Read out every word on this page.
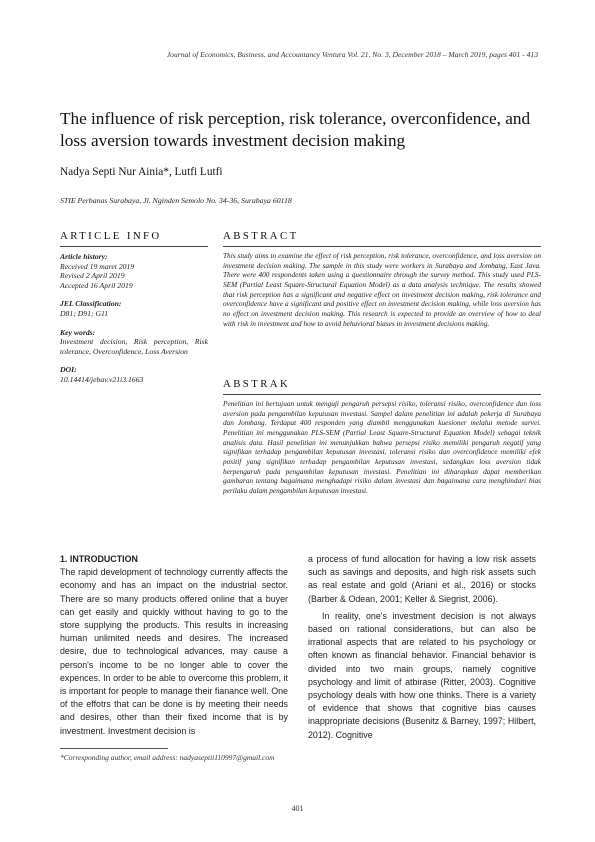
Journal of Economics, Business, and Accountancy Ventura Vol. 21, No. 3, December 2018 – March 2019, pages 401 - 413
The influence of risk perception, risk tolerance, overconfidence, and loss aversion towards investment decision making
Nadya Septi Nur Ainia*, Lutfi Lutfi
STIE Perbanas Surabaya, Jl. Nginden Semolo No. 34-36, Surabaya 60118
ARTICLE INFO
Article history:
Received 19 maret 2019
Revised 2 April 2019
Accepted 16 April 2019
JEL Classification:
D81; D91; G11
Key words:
Investment decision, Risk perception, Risk tolerance, Overconfidence, Loss Aversion
DOI:
10.14414/jebav.v21i3.1663
ABSTRACT

This study aims to examine the effect of risk perception, risk tolerance, overconfidence, and loss aversion on investment decision making. The sample in this study were workers in Surabaya and Jombang, East Java. There were 400 respondents taken using a questionnaire through the survey method. This study used PLS-SEM (Partial Least Square-Structural Equation Model) as a data analysis technique. The results showed that risk perception has a significant and negative effect on investment decision making, risk tolerance and overconfidence have a significant and positive effect on investment decision making, while loss aversion has no effect on investment decision making. This research is expected to provide an overview of how to deal with risk in investment and how to avoid behavioral biases in investment decisions making.

ABSTRAK

Penelitian ini bertujuan untuk menguji pengaruh persepsi risiko, toleransi risiko, overconfidence dan loss aversion pada pengambilan keputusan investasi. Sampel dalam penelitian ini adalah pekerja di Surabaya dan Jombang. Terdapat 400 responden yang diambil menggunakan kuesioner melalui metode survei. Penelitian ini menggunakan PLS-SEM (Partial Least Square-Structural Equation Model) sebagai teknik analisis data. Hasil penelitian ini menunjukkan bahwa persepsi risiko memiliki pengaruh negatif yang signifikan terhadap pengambilan keputusan investasi, toleransi risiko dan overconfidence memiliki efek positif yang signifikan terhadap pengambilan keputusan investasi, sedangkan loss aversion tidak berpengaruh pada pengambilan keputusan investasi. Penelitian ini diharapkan dapat memberikan gambaran tentang bagaimana menghadapi risiko dalam investasi dan bagaimana cara menghindari bias perilaku dalam pengambilan keputusan investasi.

1. INTRODUCTION

The rapid development of technology currently affects the economy and has an impact on the industrial sector. There are so many products offered online that a buyer can get easily and quickly without having to go to the store supplying the products. This results in increasing human unlimited needs and desires. The increased desire, due to technological advances, may cause a person's income to be no longer able to cover the expences. In order to be able to overcome this problem, it is important for people to manage their fianance well. One of the effotrs that can be done is by meeting their needs and desires, other than their fixed income that is by investment. Investment decision is

a process of fund allocation for having a low risk assets such as savings and deposits, and high risk assets such as real estate and gold (Ariani et al., 2016) or stocks (Barber & Odean, 2001; Keller & Siegrist, 2006).

In reality, one's investment decision is not always based on rational considerations, but can also be irrational aspects that are related to his psychology or often known as financial behavior. Financial behavior is divided into two main groups, namely cognitive psychology and limit of atbirase (Ritter, 2003). Cognitive psychology deals with how one thinks. There is a variety of evidence that shows that cognitive bias causes inappropriate decisions (Busenitz & Barney, 1997; Hilbert, 2012). Cognitive

*Corresponding author, email address: nadyaseptii110997@gmail.com
401
